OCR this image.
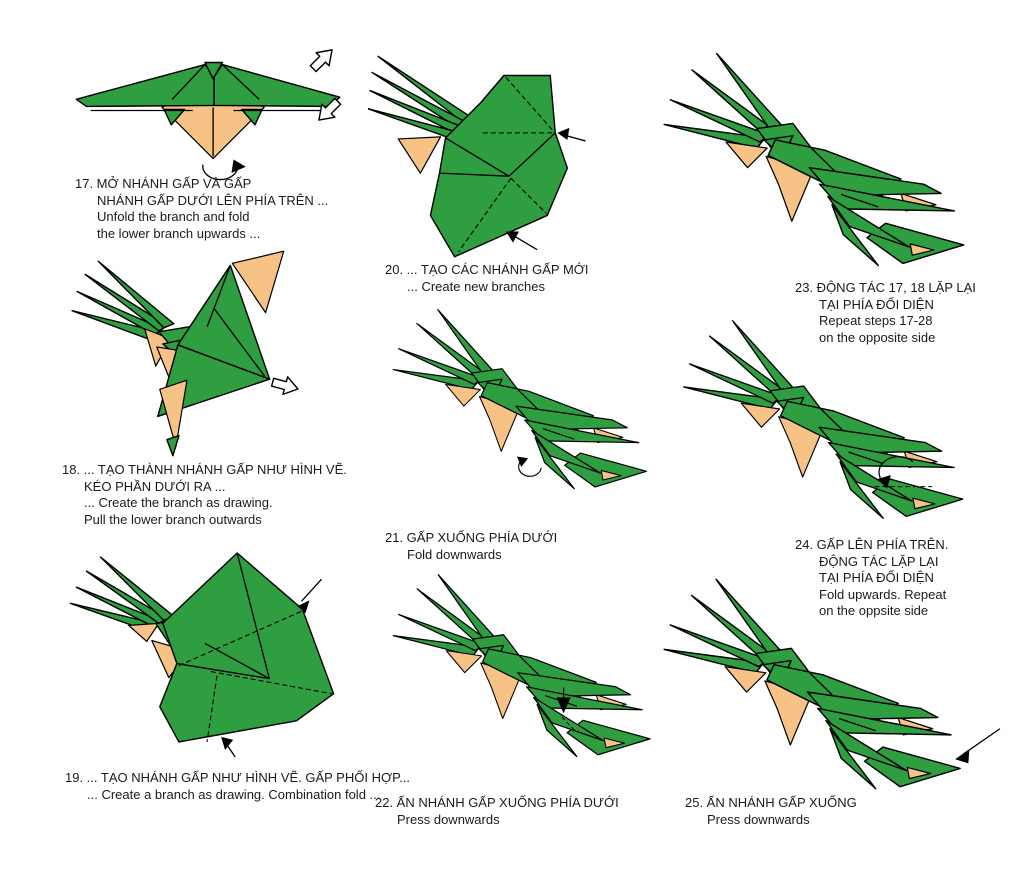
17. MỞ NHÁNH GẤP VÀ GẤP
NHÁNH GẤP DƯỚI LÊN PHÍA TRÊN ...
Unfold the branch and fold
the lower branch upwards ...
18. ... TẠO THÀNH NHÁNH GẤP NHƯ HÌNH VẼ.
KÉO PHẦN DƯỚI RA ...
... Create the branch as drawing.
Pull the lower branch outwards
19. ... TẠO NHÁNH GẤP NHƯ HÌNH VẼ. GẤP PHỐI HỢP...
... Create a branch as drawing. Combination fold ...
20. ... TẠO CÁC NHÁNH GẤP MỚI
... Create new branches
21. GẤP XUỐNG PHÍA DƯỚI
Fold downwards
22. ẤN NHÁNH GẤP XUỐNG PHÍA DƯỚI
Press downwards
23. ĐỘNG TÁC 17, 18 LẶP LẠI
TẠI PHÍA ĐỐI DIỆN
Repeat steps 17-28
on the opposite side
24. GẤP LÊN PHÍA TRÊN.
ĐỘNG TÁC LẶP LẠI
TẠI PHÍA ĐỐI DIỆN
Fold upwards. Repeat
on the oppsite side
25. ẤN NHÁNH GẤP XUỐNG
Press downwards
